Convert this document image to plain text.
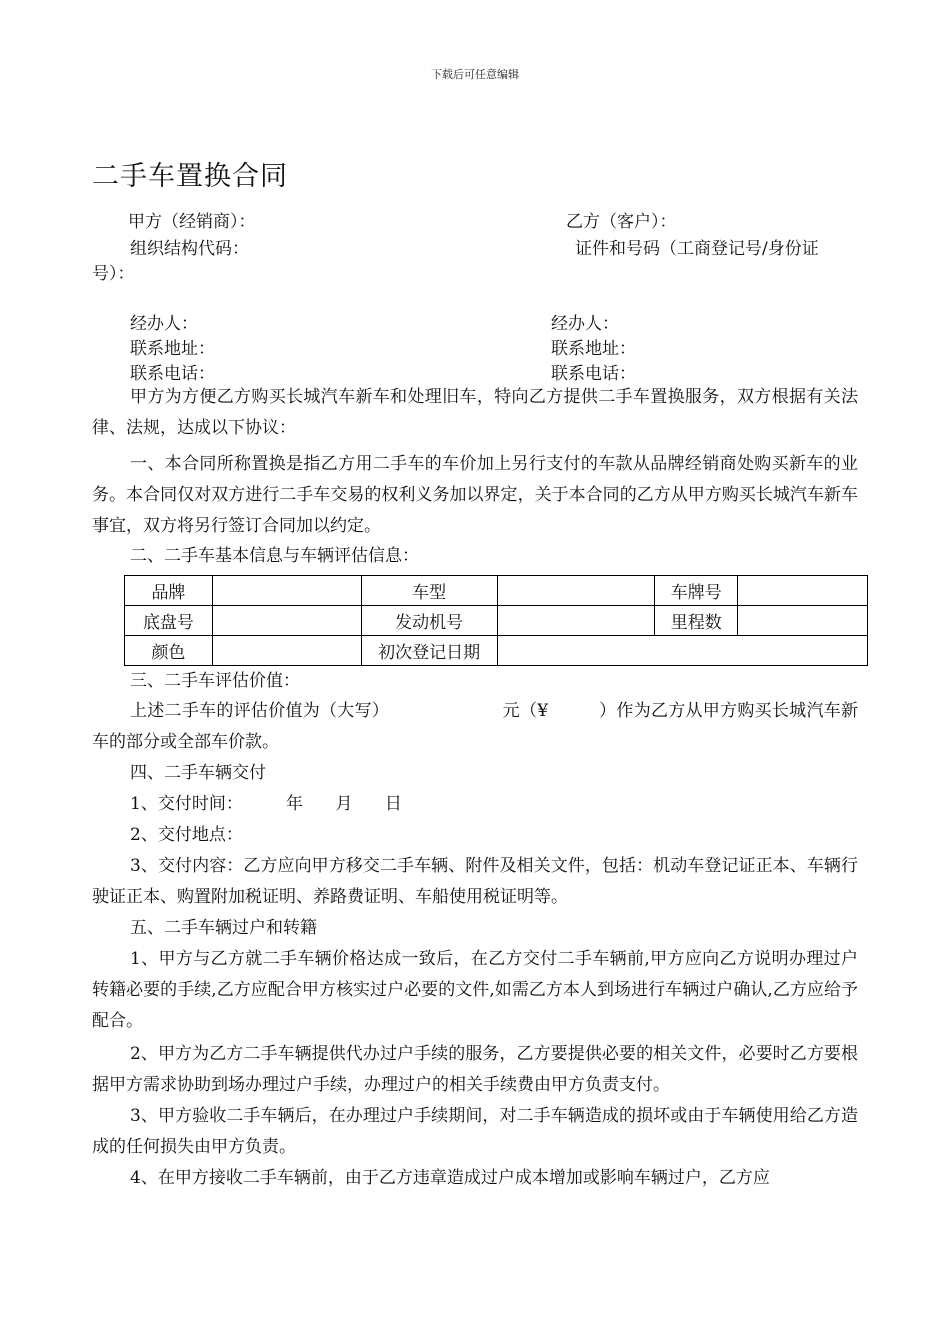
下载后可任意编辑
二手车置换合同
甲方（经销商）：	乙方（客户）：
组织结构代码：	证件和号码（工商登记号/身份证
号）：
经办人：	经办人：
联系地址：	联系地址：
联系电话：	联系电话：
甲方为方便乙方购买长城汽车新车和处理旧车，特向乙方提供二手车置换服务，双方根据有关法律、法规，达成以下协议：
一、本合同所称置换是指乙方用二手车的车价加上另行支付的车款从品牌经销商处购买新车的业务。本合同仅对双方进行二手车交易的权利义务加以界定，关于本合同的乙方从甲方购买长城汽车新车事宜，双方将另行签订合同加以约定。
二、二手车基本信息与车辆评估信息：
品牌		车型		车牌号	
底盘号		发动机号		里程数	
颜色		初次登记日期			
三、二手车评估价值：
上述二手车的评估价值为（大写）                    元（¥         ）作为乙方从甲方购买长城汽车新车的部分或全部车价款。
四、二手车辆交付
1、交付时间：        年      月      日
2、交付地点：
3、交付内容：乙方应向甲方移交二手车辆、附件及相关文件，包括：机动车登记证正本、车辆行驶证正本、购置附加税证明、养路费证明、车船使用税证明等。
五、二手车辆过户和转籍
1、甲方与乙方就二手车辆价格达成一致后，在乙方交付二手车辆前,甲方应向乙方说明办理过户转籍必要的手续,乙方应配合甲方核实过户必要的文件,如需乙方本人到场进行车辆过户确认,乙方应给予配合。
2、甲方为乙方二手车辆提供代办过户手续的服务，乙方要提供必要的相关文件，必要时乙方要根据甲方需求协助到场办理过户手续，办理过户的相关手续费由甲方负责支付。
3、甲方验收二手车辆后，在办理过户手续期间，对二手车辆造成的损坏或由于车辆使用给乙方造成的任何损失由甲方负责。
4、在甲方接收二手车辆前，由于乙方违章造成过户成本增加或影响车辆过户，乙方应
